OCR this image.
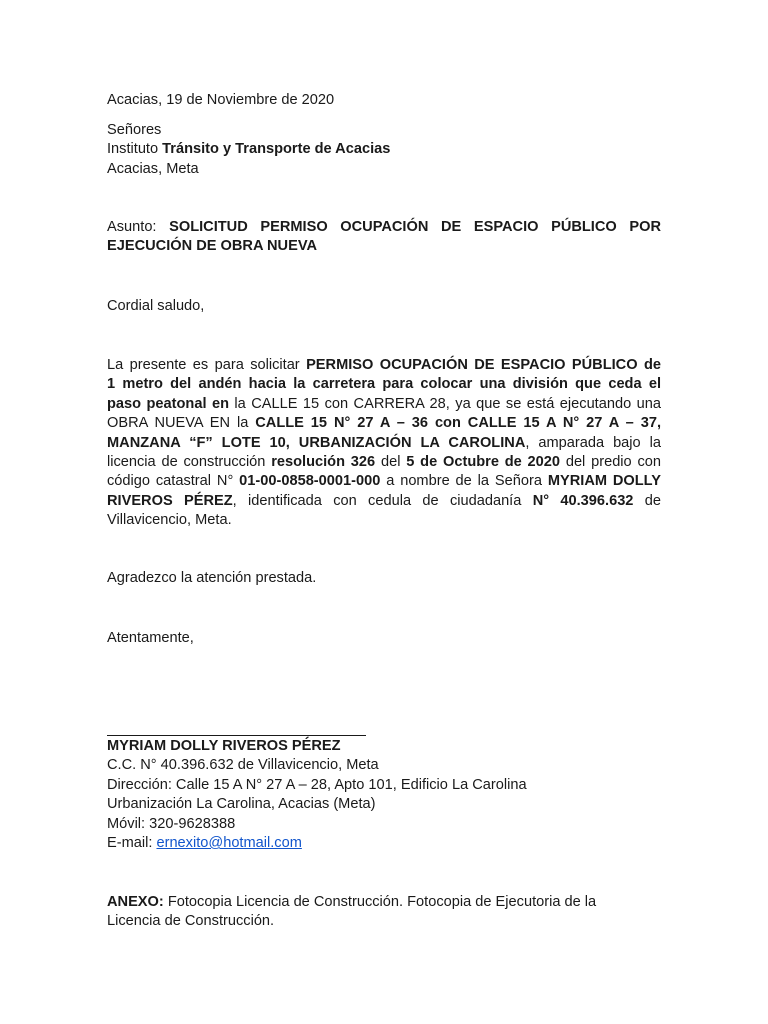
Acacias, 19 de Noviembre de 2020
Señores
Instituto Tránsito y Transporte de Acacias
Acacias, Meta
Asunto: SOLICITUD PERMISO OCUPACIÓN DE ESPACIO PÚBLICO POR
EJECUCIÓN DE OBRA NUEVA
Cordial saludo,
La presente es para solicitar PERMISO OCUPACIÓN DE ESPACIO PÚBLICO de
1 metro del andén hacia la carretera para colocar una división que ceda el
paso peatonal en la CALLE 15 con CARRERA 28, ya que se está ejecutando una
OBRA NUEVA EN la CALLE 15 N° 27 A – 36 con CALLE 15 A N° 27 A – 37,
MANZANA “F” LOTE 10, URBANIZACIÓN LA CAROLINA, amparada bajo la
licencia de construcción resolución 326 del 5 de Octubre de 2020 del predio con
código catastral N° 01-00-0858-0001-000 a nombre de la Señora MYRIAM DOLLY
RIVEROS PÉREZ, identificada con cedula de ciudadanía N° 40.396.632 de
Villavicencio, Meta.
Agradezco la atención prestada.
Atentamente,
MYRIAM DOLLY RIVEROS PÉREZ
C.C. N° 40.396.632 de Villavicencio, Meta
Dirección: Calle 15 A N° 27 A – 28, Apto 101, Edificio La Carolina
Urbanización La Carolina, Acacias (Meta)
Móvil: 320-9628388
E-mail: ernexito@hotmail.com
ANEXO: Fotocopia Licencia de Construcción. Fotocopia de Ejecutoria de la
Licencia de Construcción.
